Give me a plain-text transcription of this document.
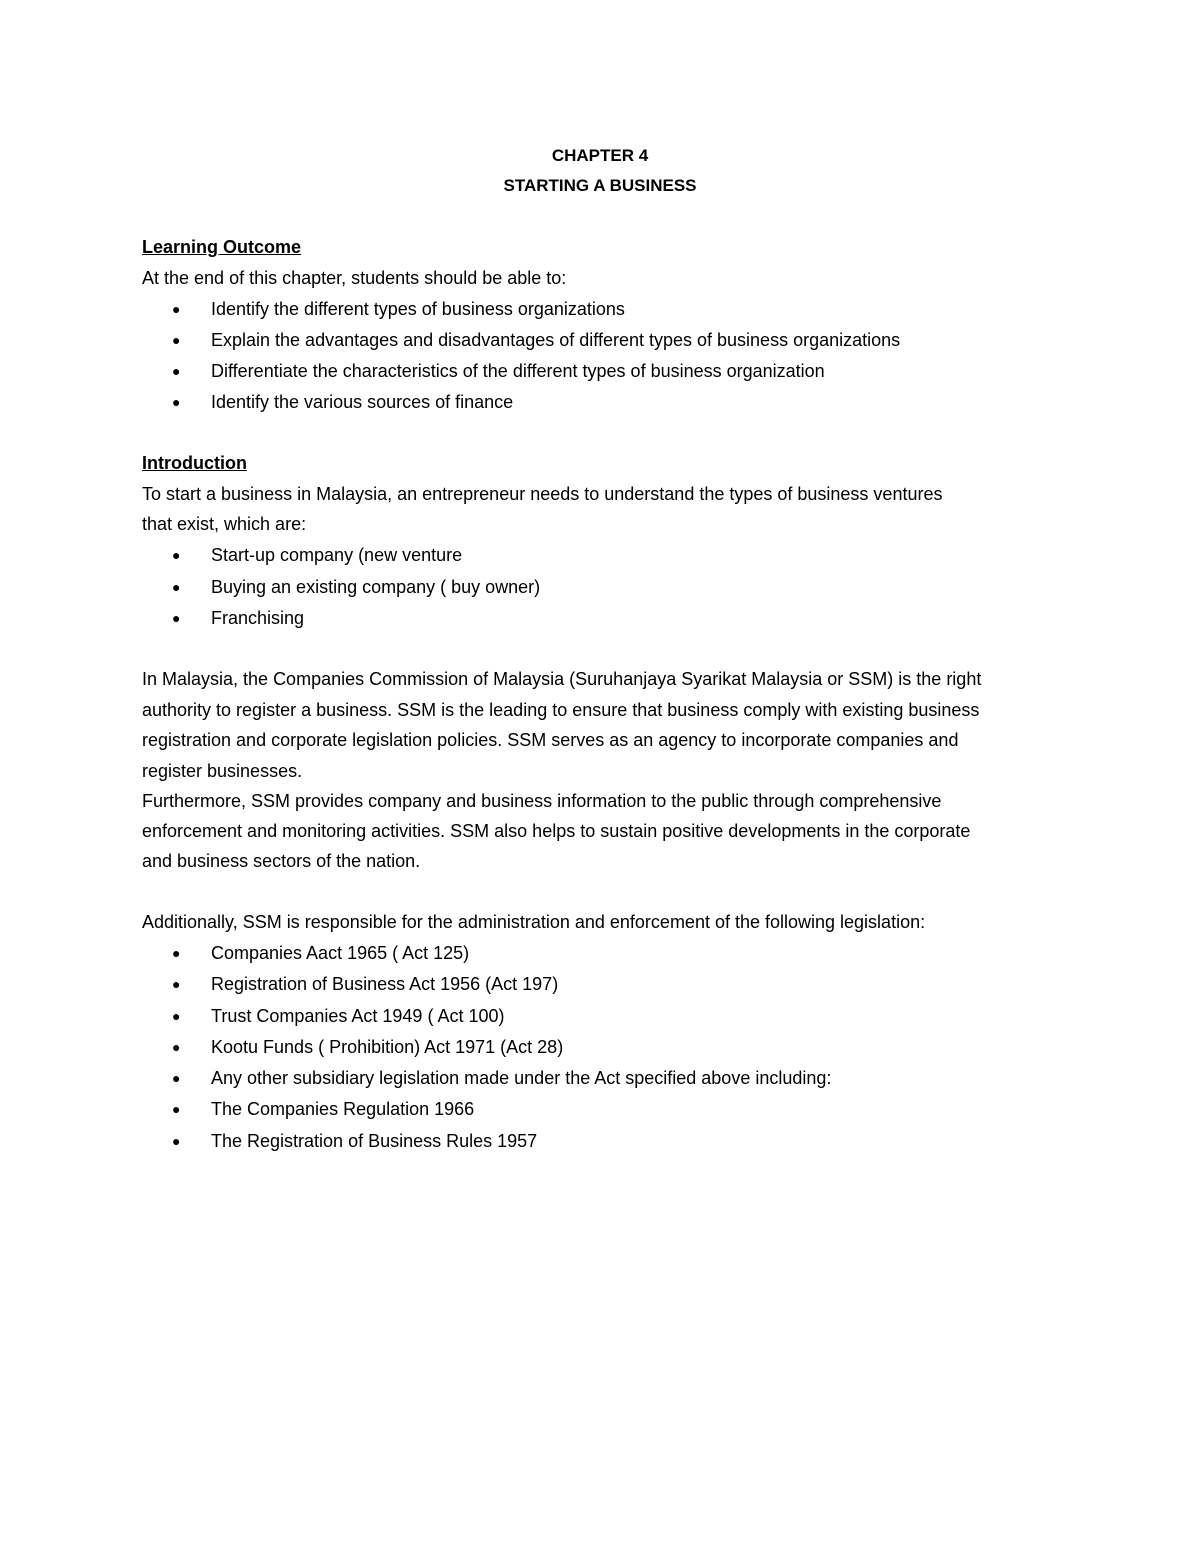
CHAPTER 4
STARTING A BUSINESS
Learning Outcome
At the end of this chapter, students should be able to:
● Identify the different types of business organizations
● Explain the advantages and disadvantages of different types of business organizations
● Differentiate the characteristics of the different types of business organization
● Identify the various sources of finance
Introduction
To start a business in Malaysia, an entrepreneur needs to understand the types of business ventures
that exist, which are:
● Start-up company (new venture
● Buying an existing company ( buy owner)
● Franchising
In Malaysia, the Companies Commission of Malaysia (Suruhanjaya Syarikat Malaysia or SSM) is the right
authority to register a business. SSM is the leading to ensure that business comply with existing business
registration and corporate legislation policies. SSM serves as an agency to incorporate companies and
register businesses.
Furthermore, SSM provides company and business information to the public through comprehensive
enforcement and monitoring activities. SSM also helps to sustain positive developments in the corporate
and business sectors of the nation.
Additionally, SSM is responsible for the administration and enforcement of the following legislation:
● Companies Aact 1965 ( Act 125)
● Registration of Business Act 1956 (Act 197)
● Trust Companies Act 1949 ( Act 100)
● Kootu Funds ( Prohibition) Act 1971 (Act 28)
● Any other subsidiary legislation made under the Act specified above including:
● The Companies Regulation 1966
● The Registration of Business Rules 1957
